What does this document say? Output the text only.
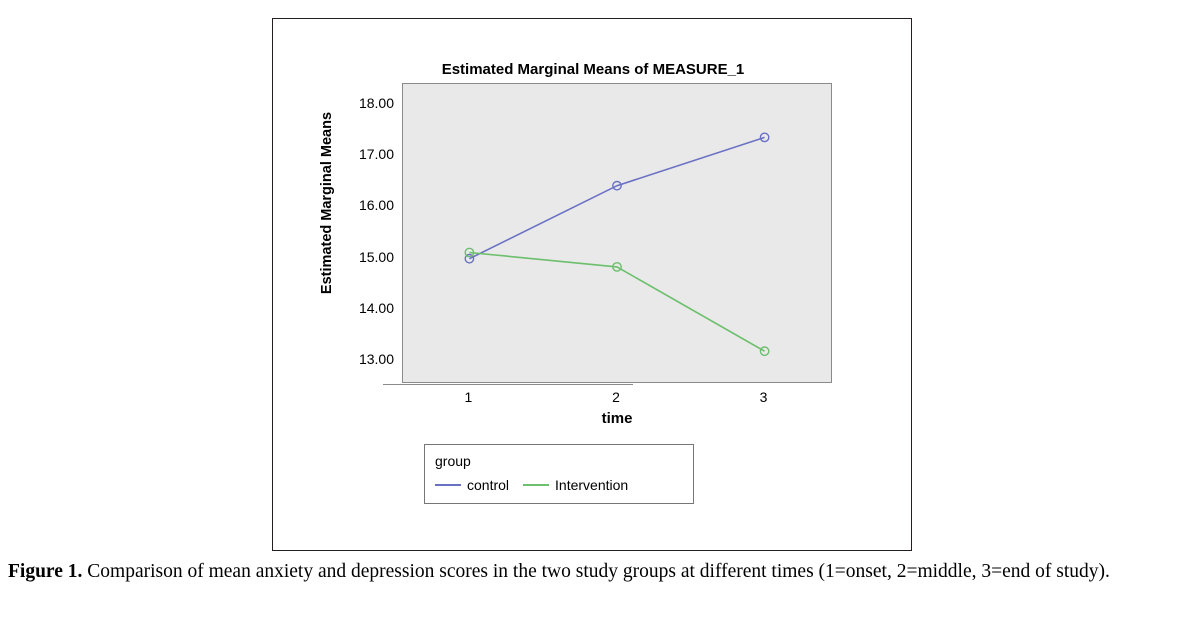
Estimated Marginal Means of MEASURE_1
Estimated Marginal Means
18.00
17.00
16.00
15.00
14.00
13.00
1	2	3
time
group
control	Intervention
Figure 1. Comparison of mean anxiety and depression scores in the two study groups at different times (1=onset, 2=middle, 3=end of study).
